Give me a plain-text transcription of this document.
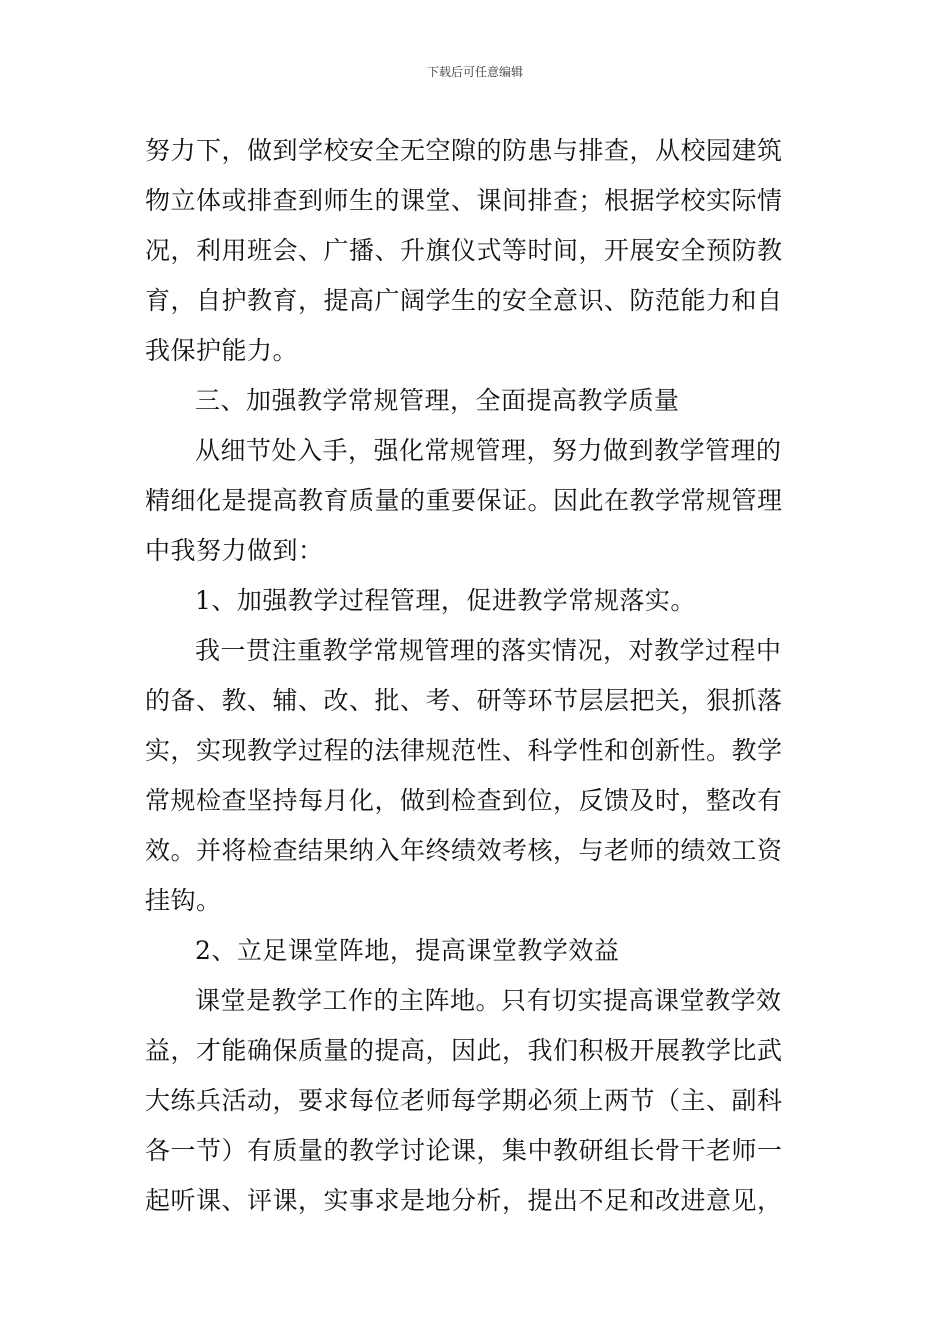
下载后可任意编辑
努力下，做到学校安全无空隙的防患与排查，从校园建筑
物立体或排查到师生的课堂、课间排查；根据学校实际情
况，利用班会、广播、升旗仪式等时间，开展安全预防教
育，自护教育，提高广阔学生的安全意识、防范能力和自
我保护能力。
三、加强教学常规管理，全面提高教学质量
从细节处入手，强化常规管理，努力做到教学管理的
精细化是提高教育质量的重要保证。因此在教学常规管理
中我努力做到：
1、加强教学过程管理，促进教学常规落实。
我一贯注重教学常规管理的落实情况，对教学过程中
的备、教、辅、改、批、考、研等环节层层把关，狠抓落
实，实现教学过程的法律规范性、科学性和创新性。教学
常规检查坚持每月化，做到检查到位，反馈及时，整改有
效。并将检查结果纳入年终绩效考核，与老师的绩效工资
挂钩。
2、立足课堂阵地，提高课堂教学效益
课堂是教学工作的主阵地。只有切实提高课堂教学效
益，才能确保质量的提高，因此，我们积极开展教学比武
大练兵活动，要求每位老师每学期必须上两节（主、副科
各一节）有质量的教学讨论课，集中教研组长骨干老师一
起听课、评课，实事求是地分析，提出不足和改进意见，
